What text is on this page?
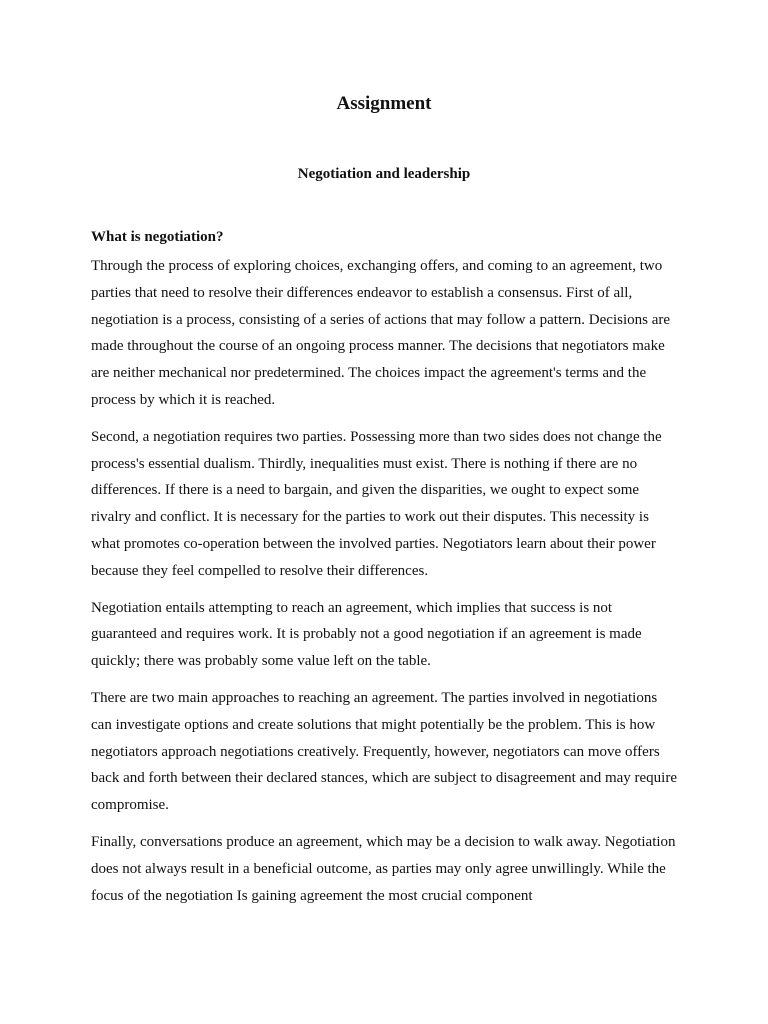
Assignment
Negotiation and leadership
What is negotiation?

Through the process of exploring choices, exchanging offers, and coming to an agreement, two parties that need to resolve their differences endeavor to establish a consensus. First of all, negotiation is a process, consisting of a series of actions that may follow a pattern. Decisions are made throughout the course of an ongoing process manner. The decisions that negotiators make are neither mechanical nor predetermined. The choices impact the agreement's terms and the process by which it is reached.

Second, a negotiation requires two parties. Possessing more than two sides does not change the process's essential dualism. Thirdly, inequalities must exist. There is nothing if there are no differences. If there is a need to bargain, and given the disparities, we ought to expect some rivalry and conflict. It is necessary for the parties to work out their disputes. This necessity is what promotes co-operation between the involved parties. Negotiators learn about their power because they feel compelled to resolve their differences.

Negotiation entails attempting to reach an agreement, which implies that success is not guaranteed and requires work. It is probably not a good negotiation if an agreement is made quickly; there was probably some value left on the table.

There are two main approaches to reaching an agreement. The parties involved in negotiations can investigate options and create solutions that might potentially be the problem. This is how negotiators approach negotiations creatively. Frequently, however, negotiators can move offers back and forth between their declared stances, which are subject to disagreement and may require compromise.

Finally, conversations produce an agreement, which may be a decision to walk away. Negotiation does not always result in a beneficial outcome, as parties may only agree unwillingly. While the focus of the negotiation Is gaining agreement the most crucial component
